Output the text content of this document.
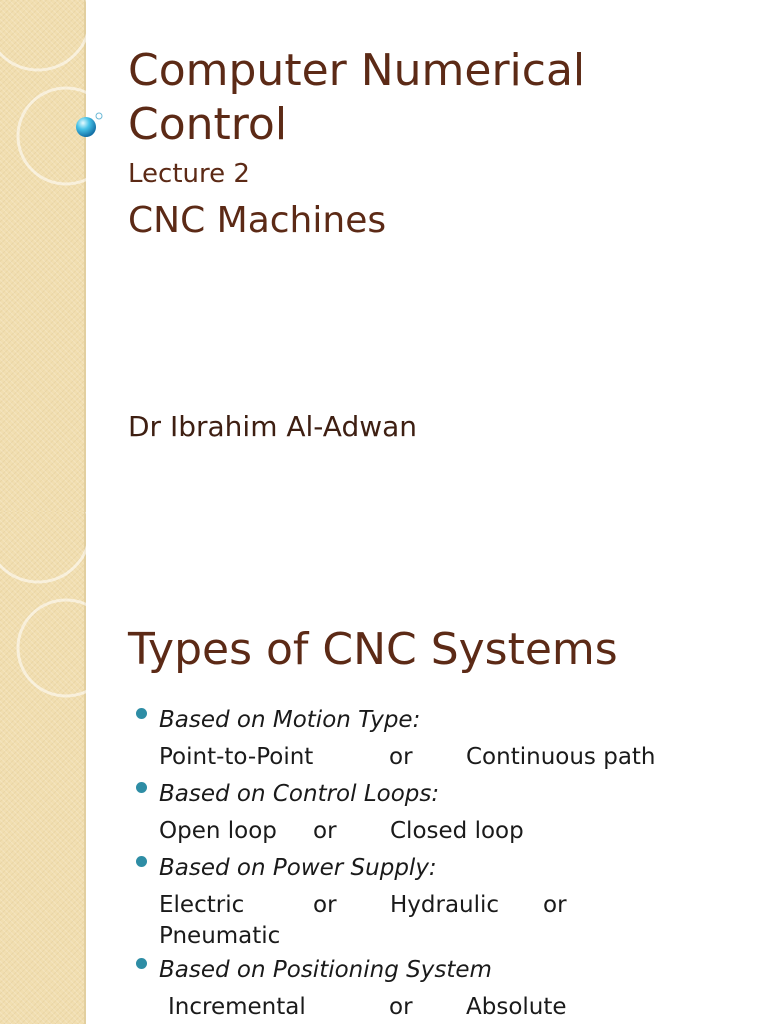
Computer Numerical Control
Lecture 2
CNC Machines
Dr Ibrahim Al-Adwan
Types of CNC Systems
Based on Motion Type:
Point-to-Point	or Continuous path
Based on Control Loops:
Open loop or Closed loop
Based on Power Supply:
Electric	or Hydraulic or
Pneumatic
Based on Positioning System
Incremental	or Absolute
